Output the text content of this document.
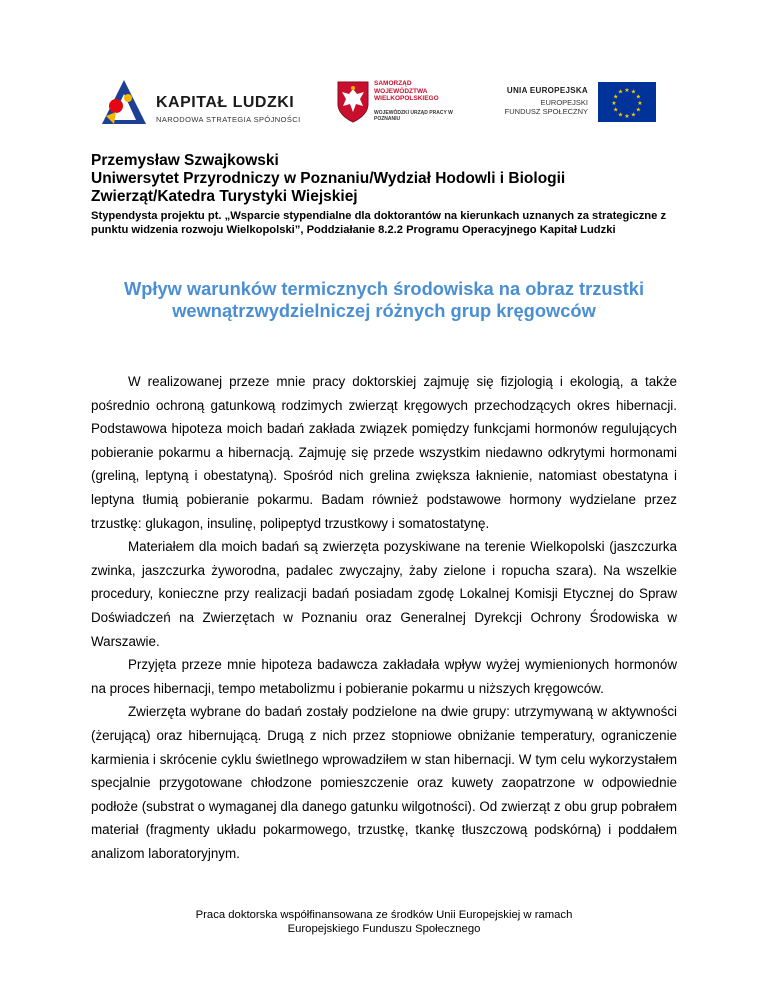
KAPITAŁ LUDZKI
NARODOWA STRATEGIA SPÓJNOŚCI
SAMORZĄD WOJEWÓDZTWA WIELKOPOLSKIEGO
WOJEWÓDZKI URZĄD PRACY W POZNANIU
UNIA EUROPEJSKA
EUROPEJSKI
FUNDUSZ SPOŁECZNY
★ ★
★
★
★
★
★
★
★
★
★
★
Przemysław Szwajkowski
Uniwersytet Przyrodniczy w Poznaniu/Wydział Hodowli i Biologii Zwierząt/Katedra Turystyki Wiejskiej
Stypendysta projektu pt. „Wsparcie stypendialne dla doktorantów na kierunkach uznanych za strategiczne z punktu widzenia rozwoju Wielkopolski”, Poddziałanie 8.2.2 Programu Operacyjnego Kapitał Ludzki
Wpływ warunków termicznych środowiska na obraz trzustki wewnątrzwydzielniczej różnych grup kręgowców

W realizowanej przeze mnie pracy doktorskiej zajmuję się fizjologią i ekologią, a także pośrednio ochroną gatunkową rodzimych zwierząt kręgowych przechodzących okres hibernacji. Podstawowa hipoteza moich badań zakłada związek pomiędzy funkcjami hormonów regulujących pobieranie pokarmu a hibernacją. Zajmuję się przede wszystkim niedawno odkrytymi hormonami (greliną, leptyną i obestatyną). Spośród nich grelina zwiększa łaknienie, natomiast obestatyna i leptyna tłumią pobieranie pokarmu. Badam również podstawowe hormony wydzielane przez trzustkę: glukagon, insulinę, polipeptyd trzustkowy i somatostatynę.

Materiałem dla moich badań są zwierzęta pozyskiwane na terenie Wielkopolski (jaszczurka zwinka, jaszczurka żyworodna, padalec zwyczajny, żaby zielone i ropucha szara). Na wszelkie procedury, konieczne przy realizacji badań posiadam zgodę Lokalnej Komisji Etycznej do Spraw Doświadczeń na Zwierzętach w Poznaniu oraz Generalnej Dyrekcji Ochrony Środowiska w Warszawie.

Przyjęta przeze mnie hipoteza badawcza zakładała wpływ wyżej wymienionych hormonów na proces hibernacji, tempo metabolizmu i pobieranie pokarmu u niższych kręgowców.

Zwierzęta wybrane do badań zostały podzielone na dwie grupy: utrzymywaną w aktywności (żerującą) oraz hibernującą. Drugą z nich przez stopniowe obniżanie temperatury, ograniczenie karmienia i skrócenie cyklu świetlnego wprowadziłem w stan hibernacji. W tym celu wykorzystałem specjalnie przygotowane chłodzone pomieszczenie oraz kuwety zaopatrzone w odpowiednie podłoże (substrat o wymaganej dla danego gatunku wilgotności). Od zwierząt z obu grup pobrałem materiał (fragmenty układu pokarmowego, trzustkę, tkankę tłuszczową podskórną) i poddałem analizom laboratoryjnym.

Praca doktorska współfinansowana ze środków Unii Europejskiej w ramach
Europejskiego Funduszu Społecznego
